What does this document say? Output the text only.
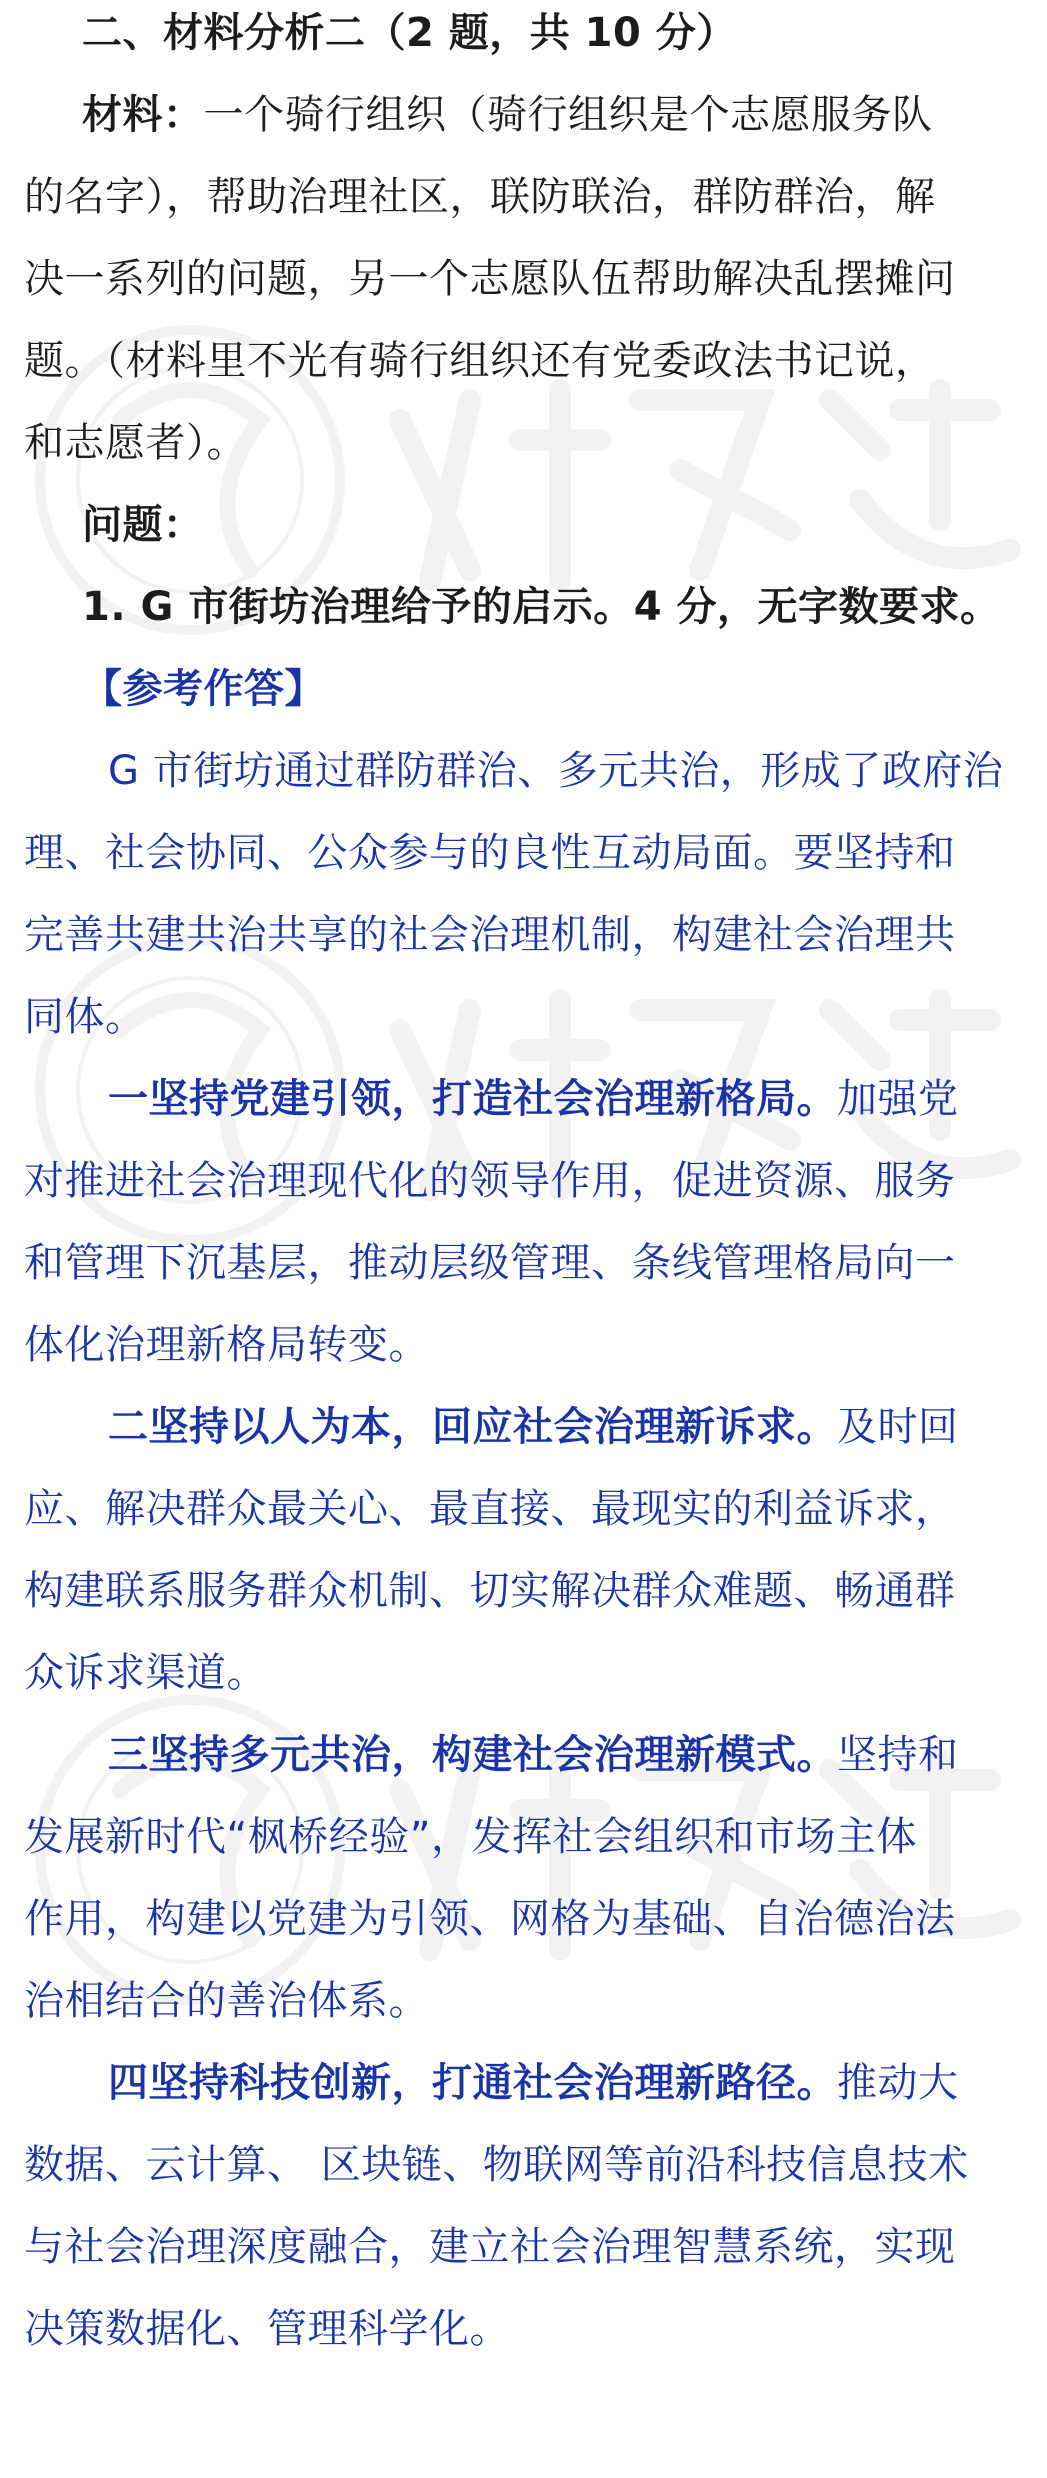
二、材料分析二（2 题，共 10 分）
材料：一个骑行组织（骑行组织是个志愿服务队
的名字），帮助治理社区，联防联治，群防群治，解
决一系列的问题，另一个志愿队伍帮助解决乱摆摊问
题。（材料里不光有骑行组织还有党委政法书记说，
和志愿者）。
问题：
1. G 市街坊治理给予的启示。4 分，无字数要求。
【参考作答】
G 市街坊通过群防群治、多元共治，形成了政府治
理、社会协同、公众参与的良性互动局面。要坚持和
完善共建共治共享的社会治理机制，构建社会治理共
同体。
一坚持党建引领，打造社会治理新格局。加强党
对推进社会治理现代化的领导作用，促进资源、服务
和管理下沉基层，推动层级管理、条线管理格局向一
体化治理新格局转变。
二坚持以人为本，回应社会治理新诉求。及时回
应、解决群众最关心、最直接、最现实的利益诉求，
构建联系服务群众机制、切实解决群众难题、畅通群
众诉求渠道。
三坚持多元共治，构建社会治理新模式。坚持和
发展新时代“枫桥经验”，发挥社会组织和市场主体
作用，构建以党建为引领、网格为基础、自治德治法
治相结合的善治体系。
四坚持科技创新，打通社会治理新路径。推动大
数据、云计算、 区块链、物联网等前沿科技信息技术
与社会治理深度融合，建立社会治理智慧系统，实现
决策数据化、管理科学化。
